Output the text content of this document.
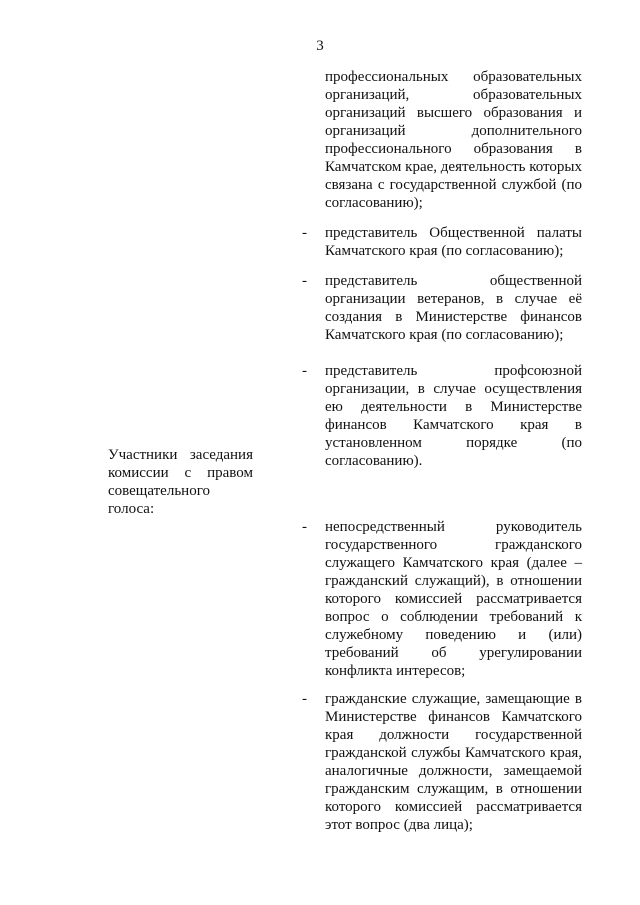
3
профессиональных образовательных организаций, образовательных организаций высшего образования и организаций дополнительного профессионального образования в Камчатском крае, деятельность которых связана с государственной службой (по согласованию);
- представитель Общественной палаты Камчатского края (по согласованию);
- представитель общественной организации ветеранов, в случае её создания в Министерстве финансов Камчатского края (по согласованию);
- представитель профсоюзной организации, в случае осуществления ею деятельности в Министерстве финансов Камчатского края в установленном порядке (по согласованию).
Участники заседания комиссии с правом совещательного голоса:
- непосредственный руководитель государственного гражданского служащего Камчатского края (далее – гражданский служащий), в отношении которого комиссией рассматривается вопрос о соблюдении требований к служебному поведению и (или) требований об урегулировании конфликта интересов;
- гражданские служащие, замещающие в Министерстве финансов Камчатского края должности государственной гражданской службы Камчатского края, аналогичные должности, замещаемой гражданским служащим, в отношении которого комиссией рассматривается этот вопрос (два лица);
